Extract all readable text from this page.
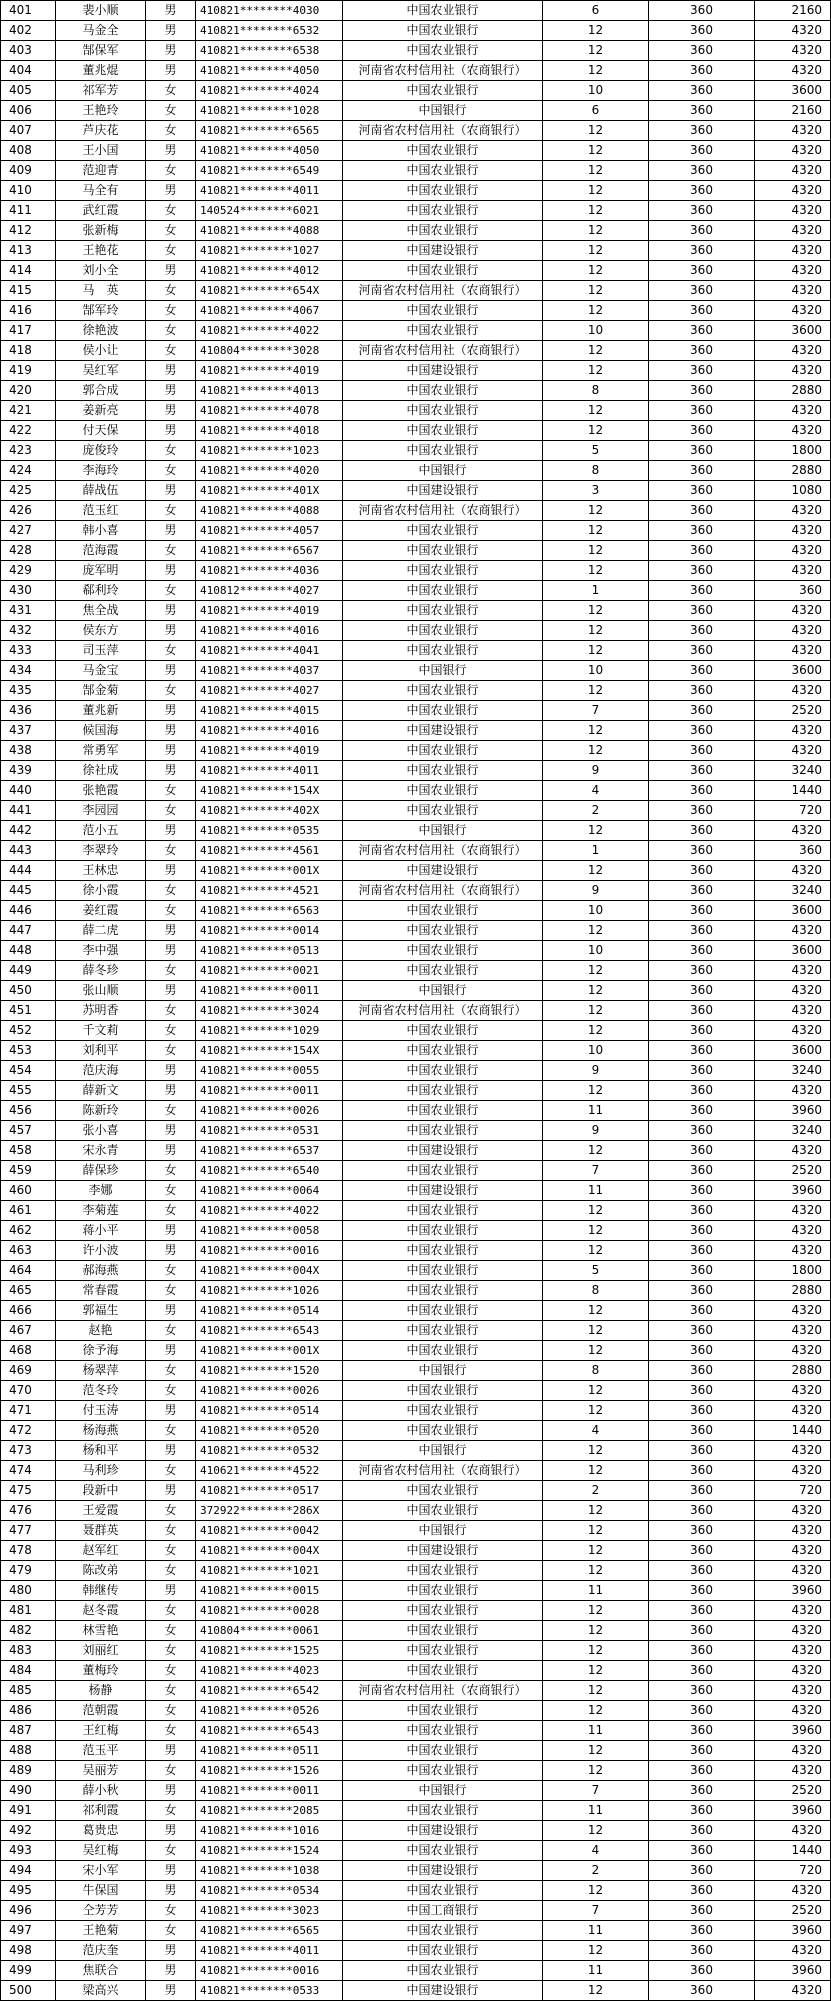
401	裴小顺	男	410821********4030	中国农业银行	6	360	2160
402	马金全	男	410821********6532	中国农业银行	12	360	4320
403	郜保军	男	410821********6538	中国农业银行	12	360	4320
404	董兆焜	男	410821********4050	河南省农村信用社（农商银行）	12	360	4320
405	祁军芳	女	410821********4024	中国农业银行	10	360	3600
406	王艳玲	女	410821********1028	中国银行	6	360	2160
407	芦庆花	女	410821********6565	河南省农村信用社（农商银行）	12	360	4320
408	王小国	男	410821********4050	中国农业银行	12	360	4320
409	范迎青	女	410821********6549	中国农业银行	12	360	4320
410	马全有	男	410821********4011	中国农业银行	12	360	4320
411	武红霞	女	140524********6021	中国农业银行	12	360	4320
412	张新梅	女	410821********4088	中国农业银行	12	360	4320
413	王艳花	女	410821********1027	中国建设银行	12	360	4320
414	刘小全	男	410821********4012	中国农业银行	12	360	4320
415	马　英	女	410821********654X	河南省农村信用社（农商银行）	12	360	4320
416	郜军玲	女	410821********4067	中国农业银行	12	360	4320
417	徐艳波	女	410821********4022	中国农业银行	10	360	3600
418	侯小让	女	410804********3028	河南省农村信用社（农商银行）	12	360	4320
419	吴红军	男	410821********4019	中国建设银行	12	360	4320
420	郭合成	男	410821********4013	中国农业银行	8	360	2880
421	姜新亮	男	410821********4078	中国农业银行	12	360	4320
422	付天保	男	410821********4018	中国农业银行	12	360	4320
423	庞俊玲	女	410821********1023	中国农业银行	5	360	1800
424	李海玲	女	410821********4020	中国银行	8	360	2880
425	薛战伍	男	410821********401X	中国建设银行	3	360	1080
426	范玉红	女	410821********4088	河南省农村信用社（农商银行）	12	360	4320
427	韩小喜	男	410821********4057	中国农业银行	12	360	4320
428	范海霞	女	410821********6567	中国农业银行	12	360	4320
429	庞军明	男	410821********4036	中国农业银行	12	360	4320
430	郗利玲	女	410812********4027	中国农业银行	1	360	360
431	焦全战	男	410821********4019	中国农业银行	12	360	4320
432	侯东方	男	410821********4016	中国农业银行	12	360	4320
433	司玉萍	女	410821********4041	中国农业银行	12	360	4320
434	马金宝	男	410821********4037	中国银行	10	360	3600
435	郜金菊	女	410821********4027	中国农业银行	12	360	4320
436	董兆新	男	410821********4015	中国农业银行	7	360	2520
437	候国海	男	410821********4016	中国建设银行	12	360	4320
438	常勇军	男	410821********4019	中国农业银行	12	360	4320
439	徐社成	男	410821********4011	中国农业银行	9	360	3240
440	张艳霞	女	410821********154X	中国农业银行	4	360	1440
441	李园园	女	410821********402X	中国农业银行	2	360	720
442	范小五	男	410821********0535	中国银行	12	360	4320
443	李翠玲	女	410821********4561	河南省农村信用社（农商银行）	1	360	360
444	王林忠	男	410821********001X	中国建设银行	12	360	4320
445	徐小霞	女	410821********4521	河南省农村信用社（农商银行）	9	360	3240
446	姜红霞	女	410821********6563	中国农业银行	10	360	3600
447	薛二虎	男	410821********0014	中国农业银行	12	360	4320
448	李中强	男	410821********0513	中国农业银行	10	360	3600
449	薛冬珍	女	410821********0021	中国农业银行	12	360	4320
450	张山顺	男	410821********0011	中国银行	12	360	4320
451	苏明香	女	410821********3024	河南省农村信用社（农商银行）	12	360	4320
452	千文莉	女	410821********1029	中国农业银行	12	360	4320
453	刘利平	女	410821********154X	中国农业银行	10	360	3600
454	范庆海	男	410821********0055	中国农业银行	9	360	3240
455	薛新文	男	410821********0011	中国农业银行	12	360	4320
456	陈新玲	女	410821********0026	中国农业银行	11	360	3960
457	张小喜	男	410821********0531	中国农业银行	9	360	3240
458	宋永青	男	410821********6537	中国建设银行	12	360	4320
459	薛保珍	女	410821********6540	中国农业银行	7	360	2520
460	李娜	女	410821********0064	中国建设银行	11	360	3960
461	李菊莲	女	410821********4022	中国农业银行	12	360	4320
462	蒋小平	男	410821********0058	中国农业银行	12	360	4320
463	许小波	男	410821********0016	中国农业银行	12	360	4320
464	郝海燕	女	410821********004X	中国农业银行	5	360	1800
465	常春霞	女	410821********1026	中国农业银行	8	360	2880
466	郭福生	男	410821********0514	中国农业银行	12	360	4320
467	赵艳	女	410821********6543	中国农业银行	12	360	4320
468	徐予海	男	410821********001X	中国农业银行	12	360	4320
469	杨翠萍	女	410821********1520	中国银行	8	360	2880
470	范冬玲	女	410821********0026	中国农业银行	12	360	4320
471	付玉涛	男	410821********0514	中国农业银行	12	360	4320
472	杨海燕	女	410821********0520	中国农业银行	4	360	1440
473	杨和平	男	410821********0532	中国银行	12	360	4320
474	马利珍	女	410621********4522	河南省农村信用社（农商银行）	12	360	4320
475	段新中	男	410821********0517	中国农业银行	2	360	720
476	王爱霞	女	372922********286X	中国农业银行	12	360	4320
477	聂群英	女	410821********0042	中国银行	12	360	4320
478	赵军红	女	410821********004X	中国建设银行	12	360	4320
479	陈改弟	女	410821********1021	中国农业银行	12	360	4320
480	韩继传	男	410821********0015	中国农业银行	11	360	3960
481	赵冬霞	女	410821********0028	中国农业银行	12	360	4320
482	林雪艳	女	410804********0061	中国农业银行	12	360	4320
483	刘丽红	女	410821********1525	中国农业银行	12	360	4320
484	董梅玲	女	410821********4023	中国农业银行	12	360	4320
485	杨静	女	410821********6542	河南省农村信用社（农商银行）	12	360	4320
486	范朝霞	女	410821********0526	中国农业银行	12	360	4320
487	王红梅	女	410821********6543	中国农业银行	11	360	3960
488	范玉平	男	410821********0511	中国农业银行	12	360	4320
489	吴丽芳	女	410821********1526	中国农业银行	12	360	4320
490	薛小秋	男	410821********0011	中国银行	7	360	2520
491	祁利霞	女	410821********2085	中国农业银行	11	360	3960
492	葛贵忠	男	410821********1016	中国建设银行	12	360	4320
493	吴红梅	女	410821********1524	中国农业银行	4	360	1440
494	宋小军	男	410821********1038	中国建设银行	2	360	720
495	牛保国	男	410821********0534	中国农业银行	12	360	4320
496	仝芳芳	女	410821********3023	中国工商银行	7	360	2520
497	王艳菊	女	410821********6565	中国农业银行	11	360	3960
498	范庆奎	男	410821********4011	中国农业银行	12	360	4320
499	焦联合	男	410821********0016	中国农业银行	11	360	3960
500	梁高兴	男	410821********0533	中国建设银行	12	360	4320
